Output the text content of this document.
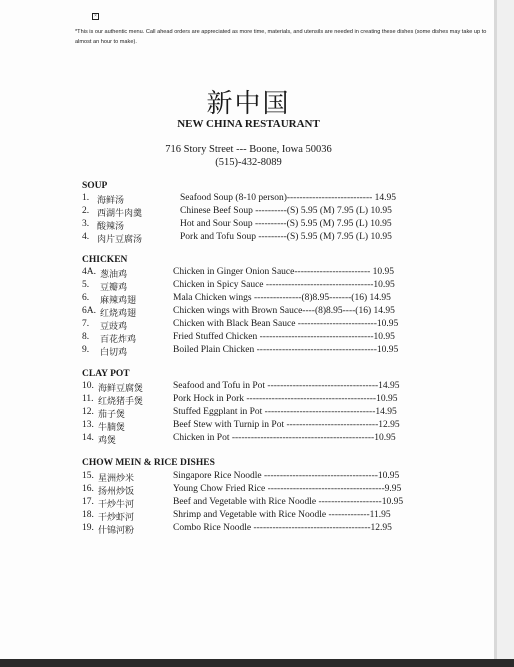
×
*This is our authentic menu. Call ahead orders are appreciated as more time, materials, and utensils are needed in creating these dishes (some dishes may take up to almost an hour to make).
新中国
NEW CHINA RESTAURANT
716 Story Street --- Boone, Iowa 50036
(515)-432-8089
SOUP
1. 海鲜汤	Seafood Soup (8-10 person)--------------------------- 14.95
2. 西湖牛肉羹	Chinese Beef Soup ----------(S) 5.95 (M) 7.95 (L) 10.95
3. 酸辣汤	Hot and Sour Soup ----------(S) 5.95 (M) 7.95 (L) 10.95
4. 肉片豆腐汤	Pork and Tofu Soup ---------(S) 5.95 (M) 7.95 (L) 10.95
CHICKEN
4A. 葱油鸡	Chicken in Ginger Onion Sauce------------------------ 10.95
5. 豆瓣鸡	Chicken in Spicy Sauce ----------------------------------10.95
6. 麻辣鸡翅	Mala Chicken wings ---------------(8)8.95-------(16) 14.95
6A. 红烧鸡翅	Chicken wings with Brown Sauce----(8)8.95----(16) 14.95
7. 豆豉鸡	Chicken with Black Bean Sauce -------------------------10.95
8. 百花炸鸡	Fried Stuffed Chicken ------------------------------------10.95
9. 白切鸡	Boiled Plain Chicken --------------------------------------10.95
CLAY POT
10. 海鲜豆腐煲	Seafood and Tofu in Pot -----------------------------------14.95
11. 红烧猪手煲	Pork Hock in Pork -----------------------------------------10.95
12. 茄子煲	Stuffed Eggplant in Pot -----------------------------------14.95
13. 牛腩煲	Beef Stew with Turnip in Pot -----------------------------12.95
14. 鸡煲	Chicken in Pot ---------------------------------------------10.95
CHOW MEIN & RICE DISHES
15. 星洲炒米	Singapore Rice Noodle ------------------------------------10.95
16. 扬州炒饭	Young Chow Fried Rice -------------------------------------9.95
17. 干炒牛河	Beef and Vegetable with Rice Noodle --------------------10.95
18. 干炒虾河	Shrimp and Vegetable with Rice Noodle -------------11.95
19. 什锦河粉	Combo Rice Noodle -------------------------------------12.95
